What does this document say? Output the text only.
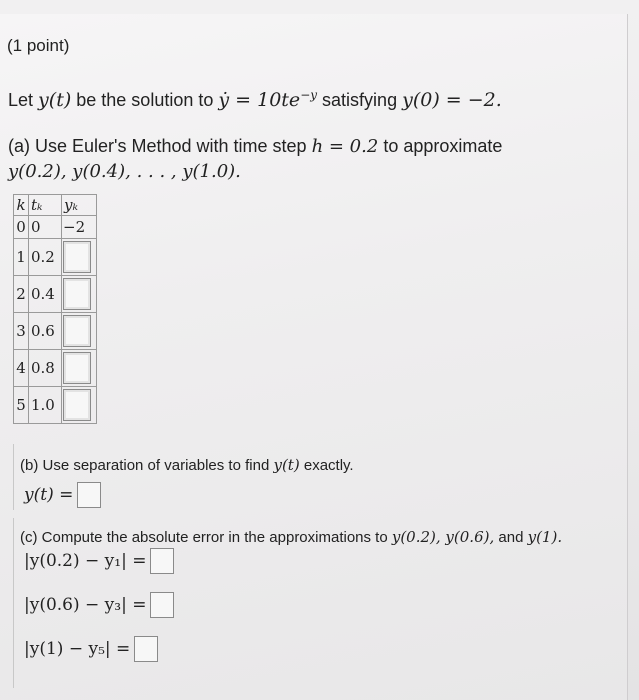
(1 point)
Let y(t) be the solution to ẏ = $10te^{-y}$ satisfying y(0) = −2.
(a) Use Euler's Method with time step h = 0.2 to approximate
y(0.2), y(0.4), . . . , y(1.0).
k	tₖ	yₖ
0	0	−2
1	0.2	
2	0.4	
3	0.6	
4	0.8	
5	1.0	
(b) Use separation of variables to find y(t) exactly.
y(t) =
(c) Compute the absolute error in the approximations to y(0.2), y(0.6), and y(1).
|y(0.2) − y₁| =
|y(0.6) − y₃| =
|y(1) − y₅| =
